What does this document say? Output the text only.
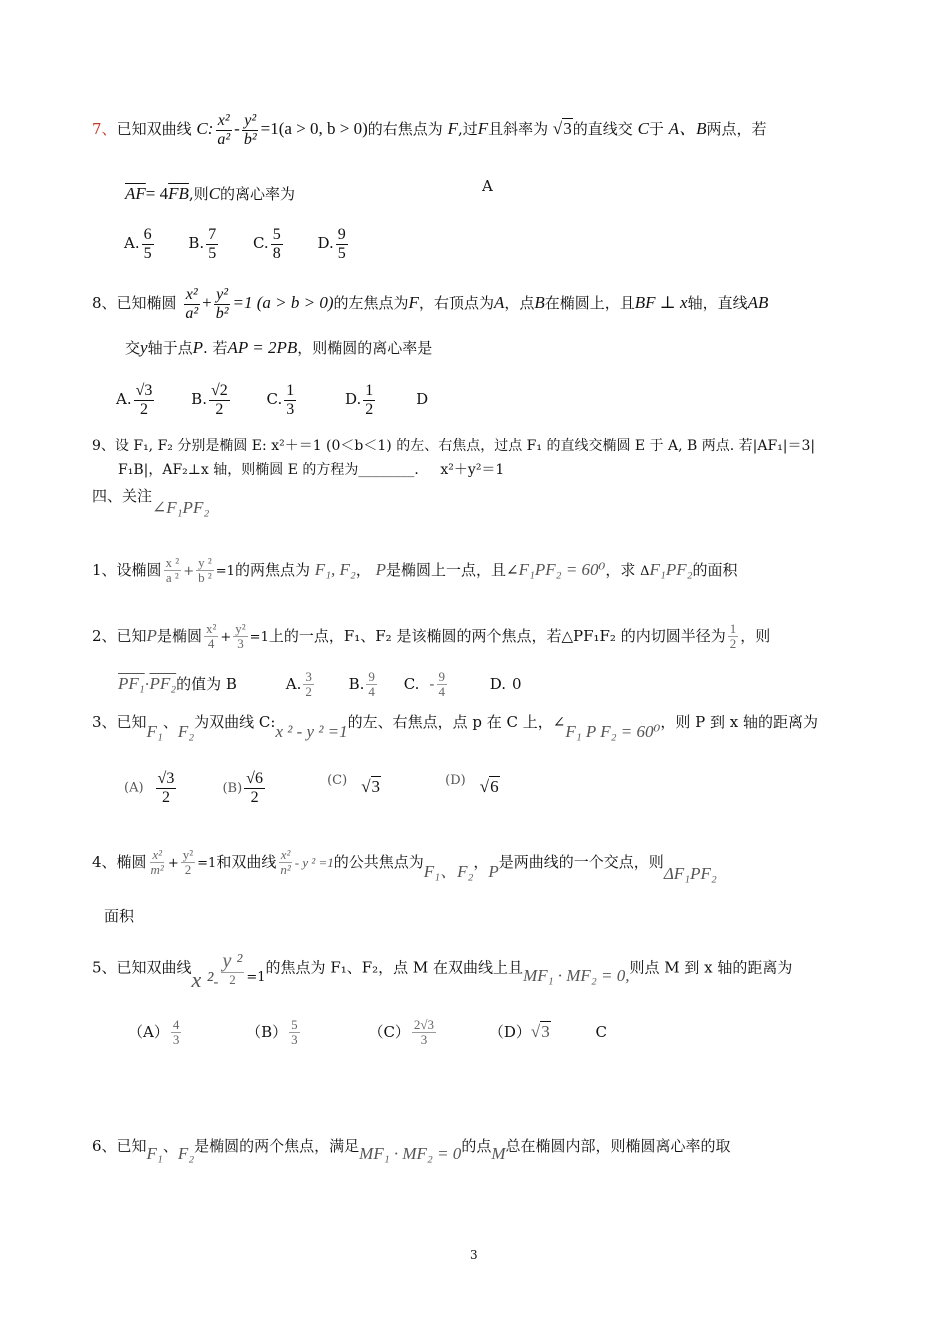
7、已知双曲线 C: $\frac{\text{x²}}{\text{a²}} - \frac{\text{y²}}{\text{b²}} =1(a > 0$, b > 0)的右焦点为 F,过F且斜率为 √3的直线交 C于 A、B两点，若
$\overline{AF}= 4\overline{FB}$,则C的离心率为	A
A. $\frac{6}{5} B$. $\frac{7}{5} C$. $\frac{5}{8} D$. $\frac{9}{5}$
8、已知椭圆 $\frac{\text{x²}}{\text{a²}} + \frac{\text{y²}}{\text{b²}} =1$ (a > b > 0)的左焦点为F，右顶点为A，点B在椭圆上，且BF ⊥ x轴，直线AB
交y轴于点P. 若AP = 2PB，则椭圆的离心率是
A. $\frac{√3}{2} B$. $\frac{√2}{2} C$. $\frac{1}{3}$	D. $\frac{1}{2}$	D
9、设 F₁, F₂ 分别是椭圆 E: x²＋＝1 (0＜b＜1) 的左、右焦点，过点 F₁ 的直线交椭圆 E 于 A, B 两点. 若|AF₁|＝3|
F₁B|，AF₂⊥x 轴，则椭圆 E 的方程为________． x²＋y²＝1
四、关注∠F₁PF₂
1、设椭圆 $\frac{\text{x ²}}{\text{a ²}} + \frac{\text{y ²}}{\text{b ²}} =1$的两焦点为 F₁, F₂， P是椭圆上一点，且∠F₁PF₂ = 60⁰，求 ΔF₁PF₂的面积
2、已知P是椭圆 $\frac{\text{x²}}{4} + \frac{\text{y²}}{3} =1$上的一点，F₁、F₂ 是该椭圆的两个焦点，若△PF₁F₂ 的内切圆半径为 $\frac{1}{2}$ ，则
PF₁·PF₂的值为 B	A. $\frac{3}{2} B$. $\frac{9}{4} C$. - $\frac{9}{4}$	D. 0
3、已知F₁、F₂为双曲线 C:x ² - y ² =1的左、右焦点，点 p 在 C 上，∠F₁ P F₂ = 60⁰，则 P 到 x 轴的距离为
$(A) \frac{√3}{2}$	$(B) \frac{√6}{2}$	(C) √3	(D) √6
4、椭圆 $\frac{\text{x²}}{\text{m²}} + \frac{\text{y²}}{2} =1$和双曲线 $\frac{\text{x²}}{\text{n²}}$ - y ² =1的公共焦点为F₁、F₂，P是两曲线的一个交点，则ΔF₁PF₂
面积
5、已知双曲线x $^2- \frac{\text{y ²}}{2} =1$的焦点为 F₁、F₂，点 M 在双曲线上且MF₁ · MF₂ = 0,则点 M 到 x 轴的距离为
$(A) \frac{4}{3}$	$(B) \frac{5}{3}$	$(C) \frac{2√3}{3}$	（D）√3	C
6、已知F₁、F₂是椭圆的两个焦点，满足MF₁ · MF₂ = 0的点M总在椭圆内部，则椭圆离心率的取
3
